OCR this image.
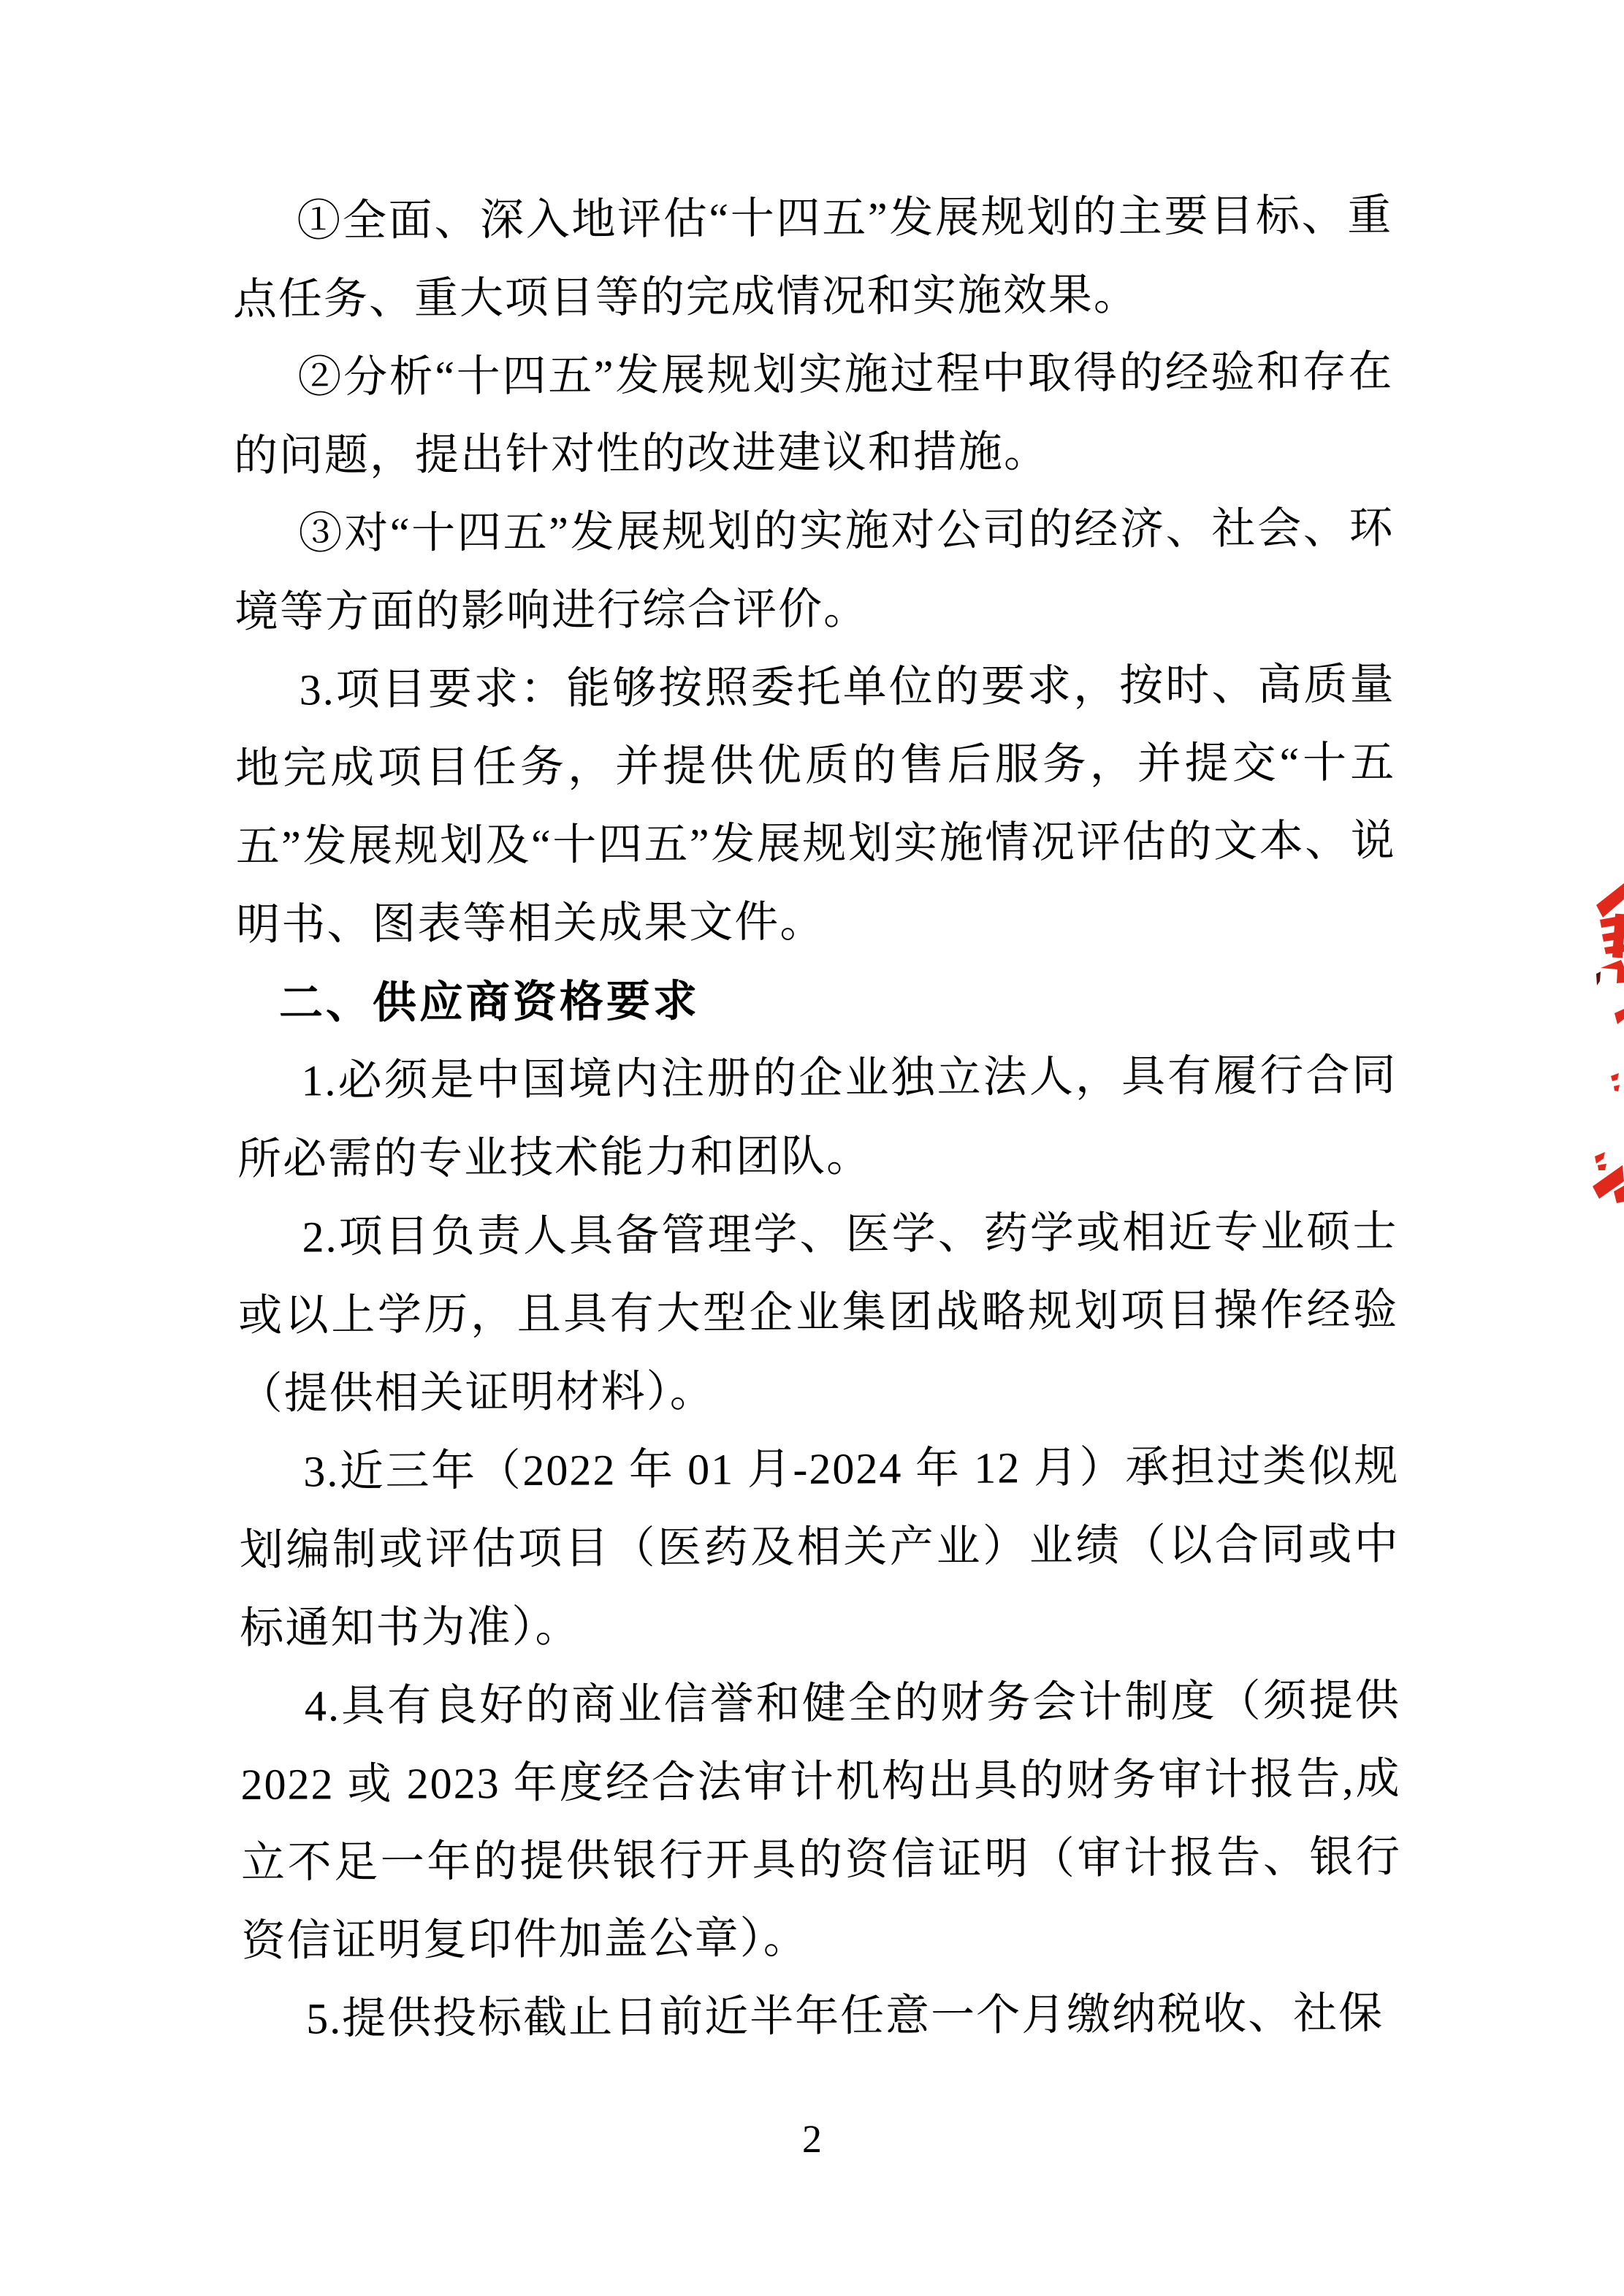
①全面、深入地评估“十四五”发展规划的主要目标、重点任务、重大项目等的完成情况和实施效果。

②分析“十四五”发展规划实施过程中取得的经验和存在的问题，提出针对性的改进建议和措施。

③对“十四五”发展规划的实施对公司的经济、社会、环境等方面的影响进行综合评价。

3.项目要求：能够按照委托单位的要求，按时、高质量地完成项目任务，并提供优质的售后服务，并提交“十五五”发展规划及“十四五”发展规划实施情况评估的文本、说明书、图表等相关成果文件。

二、供应商资格要求

1.必须是中国境内注册的企业独立法人，具有履行合同所必需的专业技术能力和团队。

2.项目负责人具备管理学、医学、药学或相近专业硕士或以上学历，且具有大型企业集团战略规划项目操作经验（提供相关证明材料）。

3.近三年（2022 年 01 月-2024 年 12 月）承担过类似规划编制或评估项目（医药及相关产业）业绩（以合同或中标通知书为准）。

4.具有良好的商业信誉和健全的财务会计制度（须提供 2022 或 2023 年度经合法审计机构出具的财务审计报告,成立不足一年的提供银行开具的资信证明（审计报告、银行资信证明复印件加盖公章）。

5.提供投标截止日前近半年任意一个月缴纳税收、社保

2
